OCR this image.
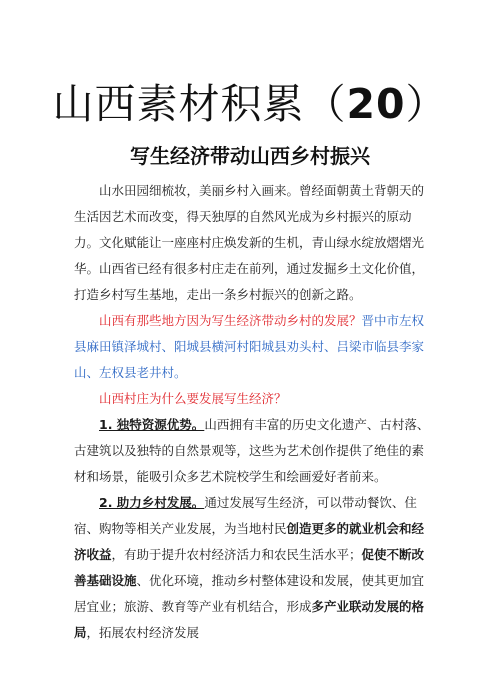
山西素材积累（20）
写生经济带动山西乡村振兴

山水田园细梳妆，美丽乡村入画来。曾经面朝黄土背朝天的生活因艺术而改变，得天独厚的自然风光成为乡村振兴的原动力。文化赋能让一座座村庄焕发新的生机，青山绿水绽放熠熠光华。山西省已经有很多村庄走在前列，通过发掘乡土文化价值，打造乡村写生基地，走出一条乡村振兴的创新之路。

山西有那些地方因为写生经济带动乡村的发展？晋中市左权县麻田镇泽城村、阳城县横河村阳城县劝头村、吕梁市临县李家山、左权县老井村。

山西村庄为什么要发展写生经济？

1. 独特资源优势。山西拥有丰富的历史文化遗产、古村落、古建筑以及独特的自然景观等，这些为艺术创作提供了绝佳的素材和场景，能吸引众多艺术院校学生和绘画爱好者前来。

2. 助力乡村发展。通过发展写生经济，可以带动餐饮、住宿、购物等相关产业发展，为当地村民创造更多的就业机会和经济收益，有助于提升农村经济活力和农民生活水平；促使不断改善基础设施、优化环境，推动乡村整体建设和发展，使其更加宜居宜业；旅游、教育等产业有机结合，形成多产业联动发展的格局，拓展农村经济发展
